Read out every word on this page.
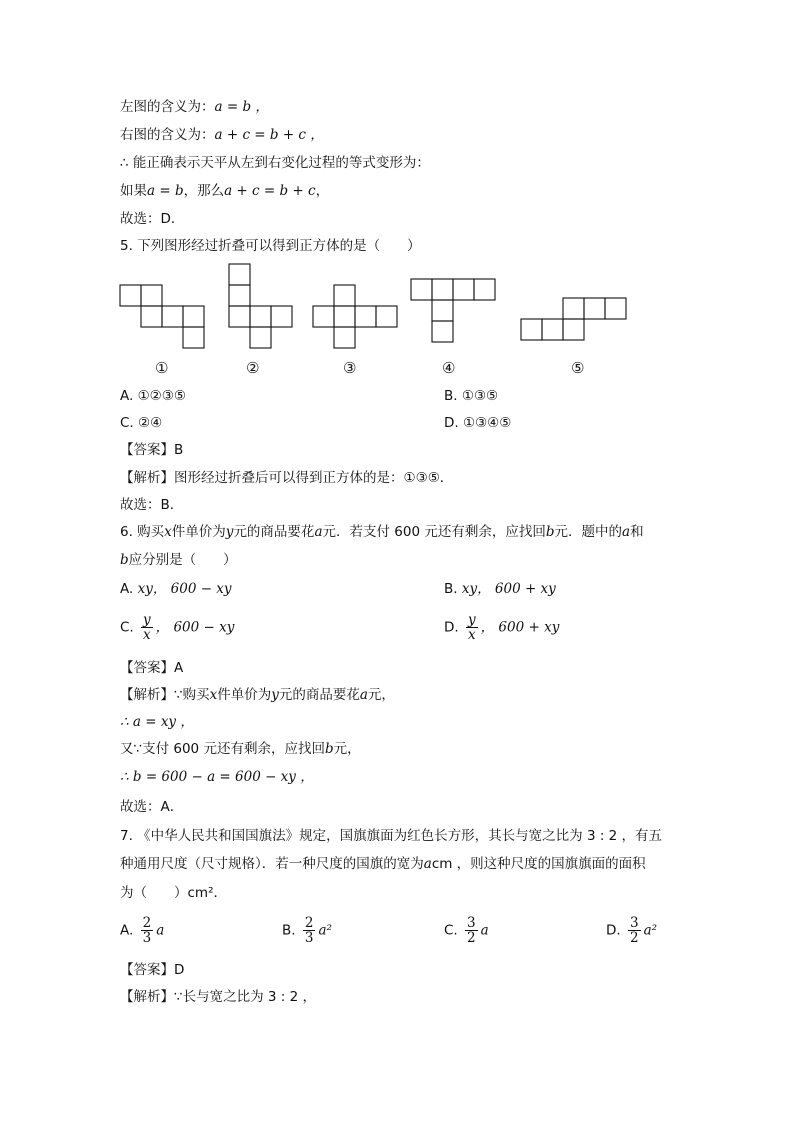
左图的含义为：a = b ，
右图的含义为：a + c = b + c ，
∴ 能正确表示天平从左到右变化过程的等式变形为：
如果a = b，那么a + c = b + c，
故选：D．
5. 下列图形经过折叠可以得到正方体的是（　　）
①	②	③	④	⑤
A. ①②③⑤	B. ①③⑤
C. ②④	D. ①③④⑤
【答案】B
【解析】图形经过折叠后可以得到正方体的是：①③⑤．
故选：B．
6. 购买x件单价为y元的商品要花a元．若支付 600 元还有剩余，应找回b元．题中的a和
b应分别是（　　）
A. xy， 600 − xy	B. xy， 600 + xy
C. $\frac{y}{x}$ ， 600 − xy	D. $\frac{y}{x}$ ， 600 + xy
【答案】A
【解析】∵购买x件单价为y元的商品要花a元，
∴ a = xy ，
又∵支付 600 元还有剩余，应找回b元，
∴ b = 600 − a = 600 − xy ，
故选：A．
7. 《中华人民共和国国旗法》规定，国旗旗面为红色长方形，其长与宽之比为 3 : 2 ，有五
种通用尺度（尺寸规格）．若一种尺度的国旗的宽为acm ，则这种尺度的国旗旗面的面积
为（　　）cm²．
A. $\frac{2}{3}$ a	B. $\frac{2}{3} a^2$	C. $\frac{3}{2}$ a	D. $\frac{3}{2} a^2$
【答案】D
【解析】∵长与宽之比为 3 : 2 ，
